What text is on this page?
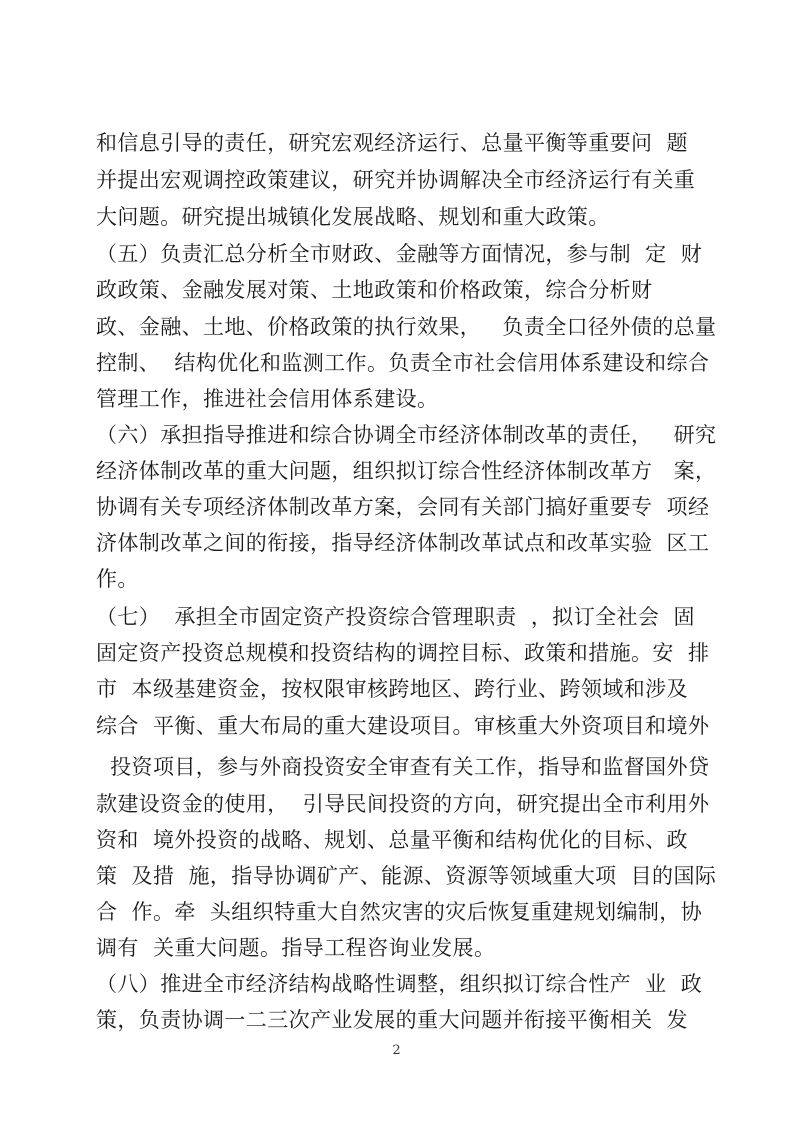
和信息引导的责任，研究宏观经济运行、总量平衡等重要问  题
并提出宏观调控政策建议，研究并协调解决全市经济运行有关重
大问题。研究提出城镇化发展战略、规划和重大政策。
（五）负责汇总分析全市财政、金融等方面情况，参与制  定  财
政政策、金融发展对策、土地政策和价格政策，综合分析财
政、金融、土地、价格政策的执行效果，   负责全口径外债的总量
控制、  结构优化和监测工作。负责全市社会信用体系建设和综合
管理工作，推进社会信用体系建设。
（六）承担指导推进和综合协调全市经济体制改革的责任，   研究
经济体制改革的重大问题，组织拟订综合性经济体制改革方   案，
协调有关专项经济体制改革方案，会同有关部门搞好重要专  项经
济体制改革之间的衔接，指导经济体制改革试点和改革实验  区工
作。
（七）  承担全市固定资产投资综合管理职责  ，拟订全社会  固
固定资产投资总规模和投资结构的调控目标、政策和措施。安  排
市  本级基建资金，按权限审核跨地区、跨行业、跨领域和涉及
综合  平衡、重大布局的重大建设项目。审核重大外资项目和境外
投资项目，参与外商投资安全审查有关工作，指导和监督国外贷
款建设资金的使用，  引导民间投资的方向，研究提出全市利用外
资和  境外投资的战略、规划、总量平衡和结构优化的目标、政
策  及措  施，指导协调矿产、能源、资源等领域重大项  目的国际
合  作。牵  头组织特重大自然灾害的灾后恢复重建规划编制，协
调有  关重大问题。指导工程咨询业发展。
（八）推进全市经济结构战略性调整，组织拟订综合性产  业  政
策，负责协调一二三次产业发展的重大问题并衔接平衡相关  发
2
